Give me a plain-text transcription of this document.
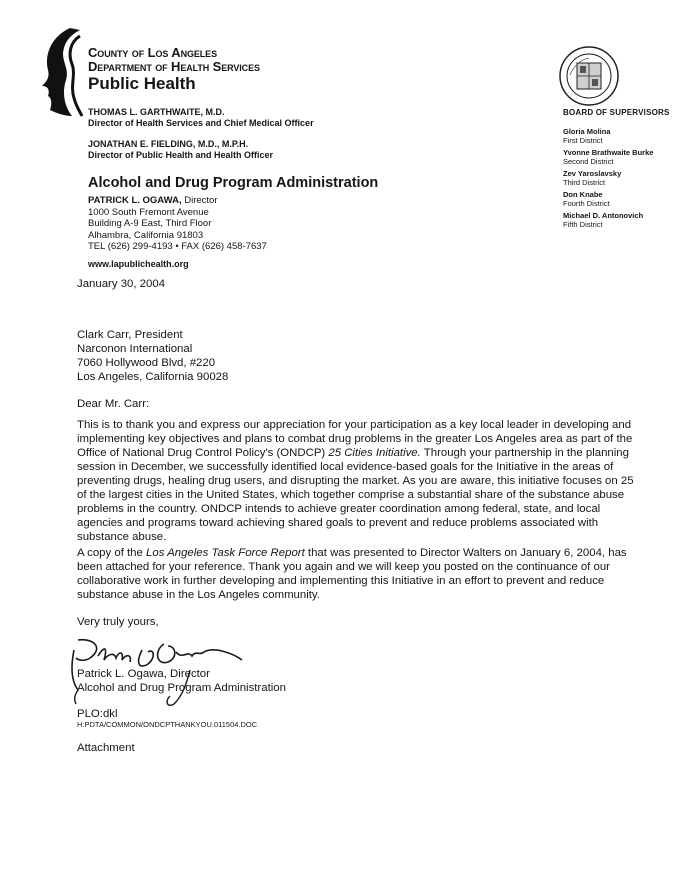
County of Los Angeles
Department of Health Services
Public Health
THOMAS L. GARTHWAITE, M.D.
Director of Health Services and Chief Medical Officer
JONATHAN E. FIELDING, M.D., M.P.H.
Director of Public Health and Health Officer
Alcohol and Drug Program Administration
PATRICK L. OGAWA, Director
1000 South Fremont Avenue
Building A-9 East, Third Floor
Alhambra, California 91803
TEL (626) 299-4193 • FAX (626) 458-7637
www.lapublichealth.org
BOARD OF SUPERVISORS
Gloria Molina
First District
Yvonne Brathwaite Burke
Second District
Zev Yaroslavsky
Third District
Don Knabe
Fourth District
Michael D. Antonovich
Fifth District
January 30, 2004
Clark Carr, President
Narconon International
7060 Hollywood Blvd, #220
Los Angeles, California 90028
Dear Mr. Carr:
This is to thank you and express our appreciation for your participation as a key local leader in developing and implementing key objectives and plans to combat drug problems in the greater Los Angeles area as part of the Office of National Drug Control Policy's (ONDCP) 25 Cities Initiative. Through your partnership in the planning session in December, we successfully identified local evidence-based goals for the Initiative in the areas of preventing drugs, healing drug users, and disrupting the market. As you are aware, this initiative focuses on 25 of the largest cities in the United States, which together comprise a substantial share of the substance abuse problems in the country. ONDCP intends to achieve greater coordination among federal, state, and local agencies and programs toward achieving shared goals to prevent and reduce problems associated with substance abuse.
A copy of the Los Angeles Task Force Report that was presented to Director Walters on January 6, 2004, has been attached for your reference. Thank you again and we will keep you posted on the continuance of our collaborative work in further developing and implementing this Initiative in an effort to prevent and reduce substance abuse in the Los Angeles community.
Very truly yours,
Patrick L. Ogawa, Director
Alcohol and Drug Program Administration
PLO:dkl
H:PDTA/COMMON/ONDCPTHANKYOU.011504.DOC
Attachment
